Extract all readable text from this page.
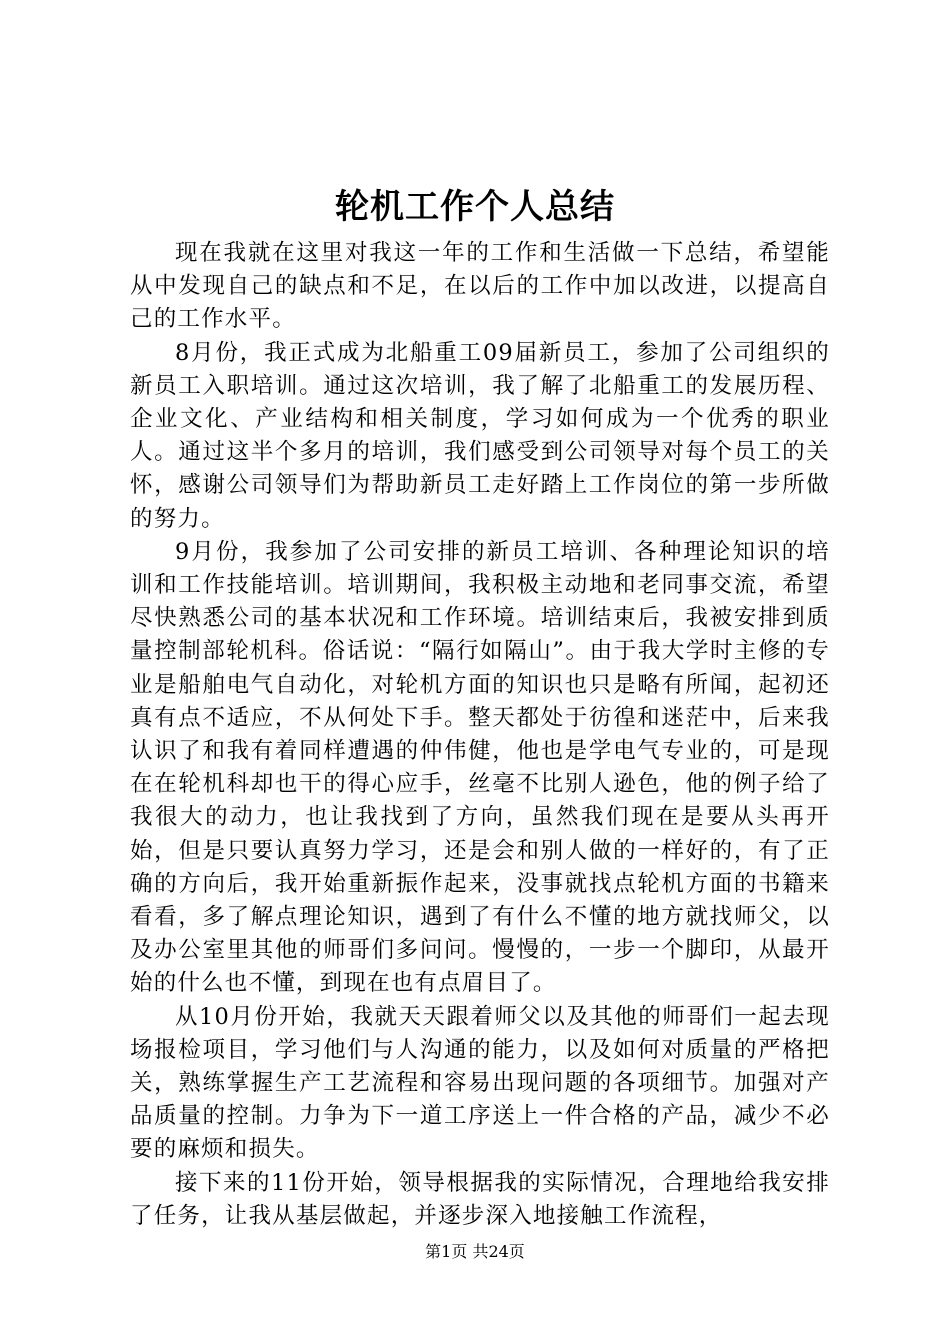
轮机工作个人总结

现在我就在这里对我这一年的工作和生活做一下总结，希望能从中发现自己的缺点和不足，在以后的工作中加以改进，以提高自己的工作水平。

8月份，我正式成为北船重工09届新员工，参加了公司组织的新员工入职培训。通过这次培训，我了解了北船重工的发展历程、企业文化、产业结构和相关制度，学习如何成为一个优秀的职业人。通过这半个多月的培训，我们感受到公司领导对每个员工的关怀，感谢公司领导们为帮助新员工走好踏上工作岗位的第一步所做的努力。

9月份，我参加了公司安排的新员工培训、各种理论知识的培训和工作技能培训。培训期间，我积极主动地和老同事交流，希望尽快熟悉公司的基本状况和工作环境。培训结束后，我被安排到质量控制部轮机科。俗话说：“隔行如隔山”。由于我大学时主修的专业是船舶电气自动化，对轮机方面的知识也只是略有所闻，起初还真有点不适应，不从何处下手。整天都处于彷徨和迷茫中，后来我认识了和我有着同样遭遇的仲伟健，他也是学电气专业的，可是现在在轮机科却也干的得心应手，丝毫不比别人逊色，他的例子给了我很大的动力，也让我找到了方向，虽然我们现在是要从头再开始，但是只要认真努力学习，还是会和别人做的一样好的，有了正确的方向后，我开始重新振作起来，没事就找点轮机方面的书籍来看看，多了解点理论知识，遇到了有什么不懂的地方就找师父，以及办公室里其他的师哥们多问问。慢慢的，一步一个脚印，从最开始的什么也不懂，到现在也有点眉目了。

从10月份开始，我就天天跟着师父以及其他的师哥们一起去现场报检项目，学习他们与人沟通的能力，以及如何对质量的严格把关，熟练掌握生产工艺流程和容易出现问题的各项细节。加强对产品质量的控制。力争为下一道工序送上一件合格的产品，减少不必要的麻烦和损失。

接下来的11份开始，领导根据我的实际情况，合理地给我安排了任务，让我从基层做起，并逐步深入地接触工作流程，

第1页 共24页
